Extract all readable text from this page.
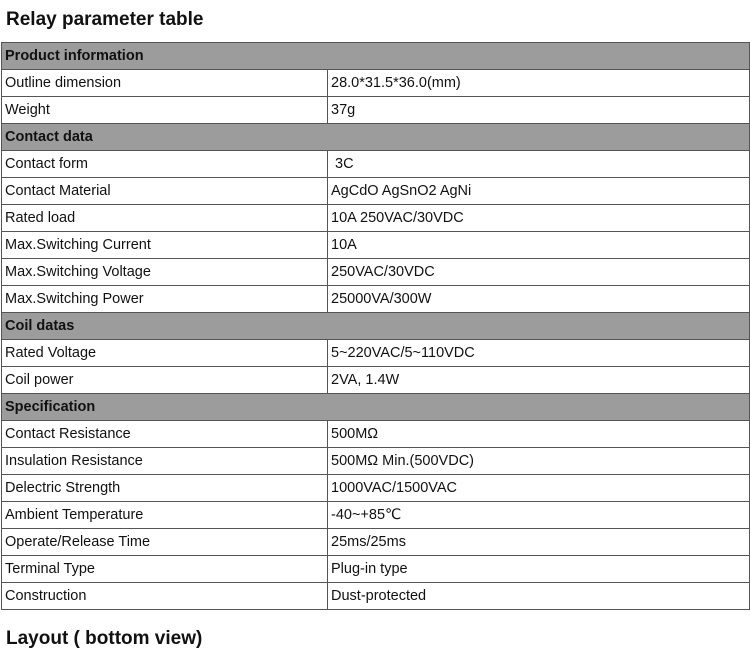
Relay parameter table
Product information	
Outline dimension	28.0*31.5*36.0(mm)
Weight	37g
Contact data	
Contact form	3C
Contact Material	AgCdO AgSnO2 AgNi
Rated load	10A 250VAC/30VDC
Max.Switching Current	10A
Max.Switching Voltage	250VAC/30VDC
Max.Switching Power	25000VA/300W
Coil datas	
Rated Voltage	5~220VAC/5~110VDC
Coil power	2VA, 1.4W
Specification	
Contact Resistance	500MΩ
Insulation Resistance	500MΩ Min.(500VDC)
Delectric Strength	1000VAC/1500VAC
Ambient Temperature	-40~+85℃
Operate/Release Time	25ms/25ms
Terminal Type	Plug-in type
Construction	Dust-protected
Layout ( bottom view)
